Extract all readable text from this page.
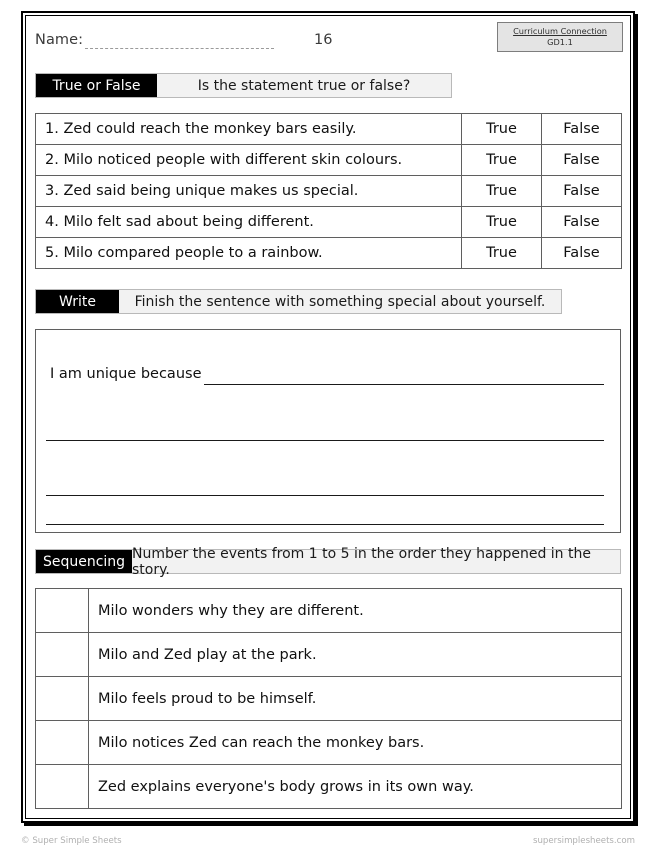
Name:	16
Curriculum Connection
GD1.1
True or False	Is the statement true or false?
1. Zed could reach the monkey bars easily.	True	False
2. Milo noticed people with different skin colours.	True	False
3. Zed said being unique makes us special.	True	False
4. Milo felt sad about being different.	True	False
5. Milo compared people to a rainbow.	True	False
Write	Finish the sentence with something special about yourself.
I am unique because
Sequencing Number the events from 1 to 5 in the order they happened in the story.
	Milo wonders why they are different.
	Milo and Zed play at the park.
	Milo feels proud to be himself.
	Milo notices Zed can reach the monkey bars.
	Zed explains everyone's body grows in its own way.
© Super Simple Sheets	supersimplesheets.com
